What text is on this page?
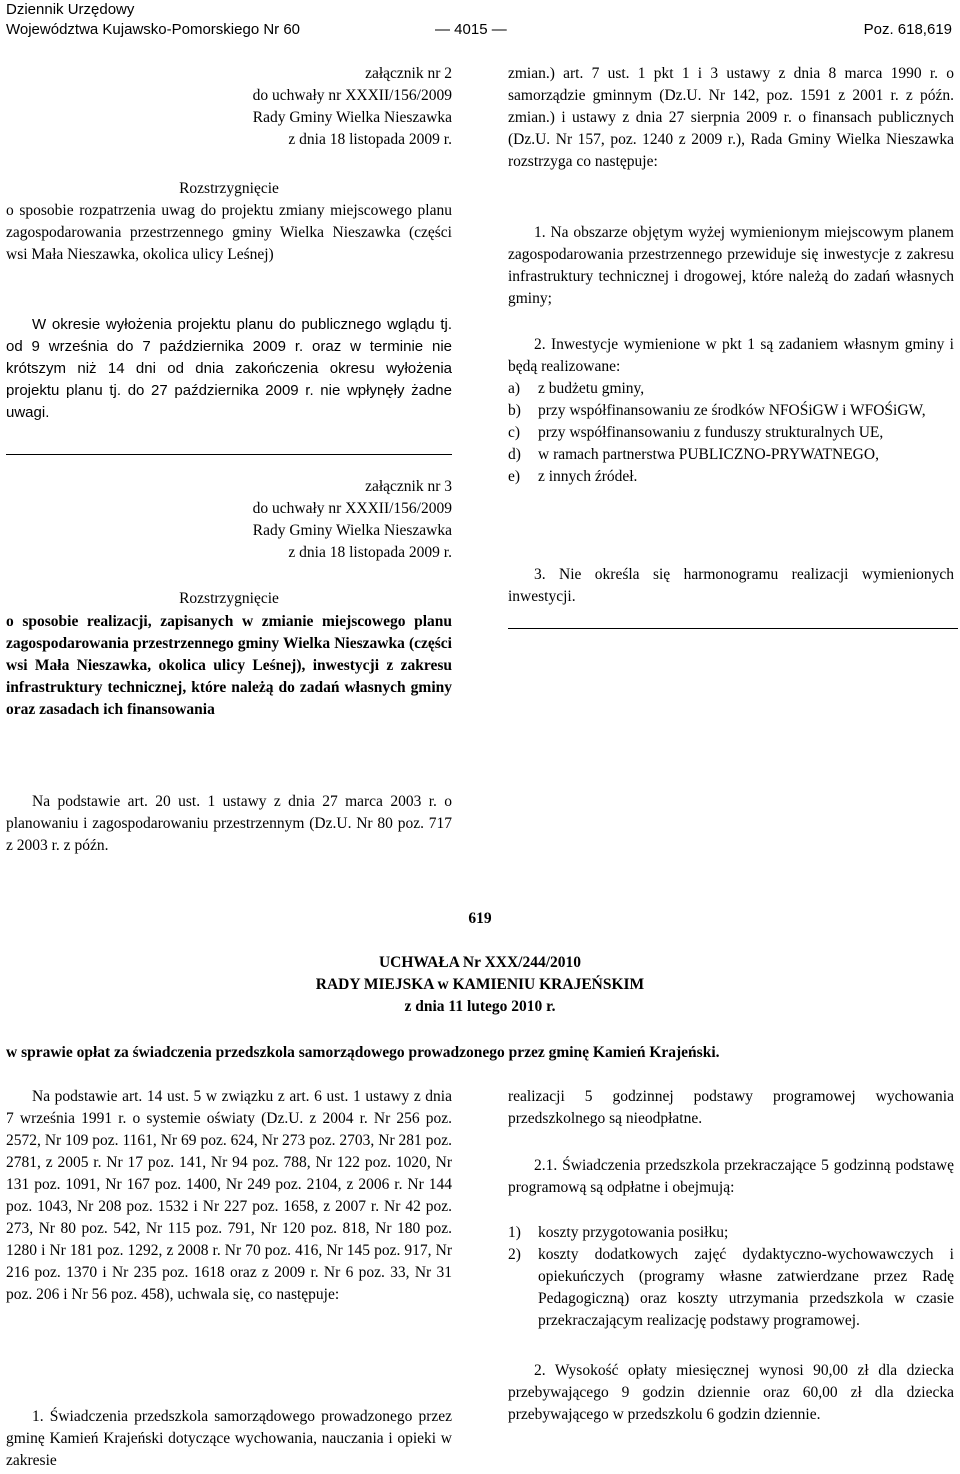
Dziennik Urzędowy
Województwa Kujawsko-Pomorskiego Nr 60	— 4015 —	Poz. 618,619
załącznik nr 2
do uchwały nr XXXII/156/2009
Rady Gminy Wielka Nieszawka
z dnia 18 listopada 2009 r.
Rozstrzygnięcie
o sposobie rozpatrzenia uwag do projektu zmiany miejscowego planu zagospodarowania przestrzennego gminy Wielka Nieszawka (części wsi Mała Nieszawka, okolica ulicy Leśnej)
W okresie wyłożenia projektu planu do publicznego wglądu tj. od 9 września do 7 października 2009 r. oraz w terminie nie krótszym niż 14 dni od dnia zakończenia okresu wyłożenia projektu planu tj. do 27 października 2009 r. nie wpłynęły żadne uwagi.
załącznik nr 3
do uchwały nr XXXII/156/2009
Rady Gminy Wielka Nieszawka
z dnia 18 listopada 2009 r.
Rozstrzygnięcie
o sposobie realizacji, zapisanych w zmianie miejscowego planu zagospodarowania przestrzennego gminy Wielka Nieszawka (części wsi Mała Nieszawka, okolica ulicy Leśnej), inwestycji z zakresu infrastruktury technicznej, które należą do zadań własnych gminy oraz zasadach ich finansowania
Na podstawie art. 20 ust. 1 ustawy z dnia 27 marca 2003 r. o planowaniu i zagospodarowaniu przestrzennym (Dz.U. Nr 80 poz. 717 z 2003 r. z późn.
zmian.) art. 7 ust. 1 pkt 1 i 3 ustawy z dnia 8 marca 1990 r. o samorządzie gminnym (Dz.U. Nr 142, poz. 1591 z 2001 r. z późn. zmian.) i ustawy z dnia 27 sierpnia 2009 r. o finansach publicznych (Dz.U. Nr 157, poz. 1240 z 2009 r.), Rada Gminy Wielka Nieszawka rozstrzyga co następuje:
1. Na obszarze objętym wyżej wymienionym miejscowym planem zagospodarowania przestrzennego przewiduje się inwestycje z zakresu infrastruktury technicznej i drogowej, które należą do zadań własnych gminy;
2. Inwestycje wymienione w pkt 1 są zadaniem własnym gminy i będą realizowane:
a)	z budżetu gminy,
b)	przy współfinansowaniu ze środków NFOŚiGW i WFOŚiGW,
c)	przy współfinansowaniu z funduszy strukturalnych UE,
d)	w ramach partnerstwa PUBLICZNO-PRYWATNEGO,
e)	z innych źródeł.
3. Nie określa się harmonogramu realizacji wymienionych inwestycji.
619
UCHWAŁA Nr XXX/244/2010
RADY MIEJSKA w KAMIENIU KRAJEŃSKIM
z dnia 11 lutego 2010 r.
w sprawie opłat za świadczenia przedszkola samorządowego prowadzonego przez gminę Kamień Krajeński.
Na podstawie art. 14 ust. 5 w związku z art. 6 ust. 1 ustawy z dnia 7 września 1991 r. o systemie oświaty (Dz.U. z 2004 r. Nr 256 poz. 2572, Nr 109 poz. 1161, Nr 69 poz. 624, Nr 273 poz. 2703, Nr 281 poz. 2781, z 2005 r. Nr 17 poz. 141, Nr 94 poz. 788, Nr 122 poz. 1020, Nr 131 poz. 1091, Nr 167 poz. 1400, Nr 249 poz. 2104, z 2006 r. Nr 144 poz. 1043, Nr 208 poz. 1532 i Nr 227 poz. 1658, z 2007 r. Nr 42 poz. 273, Nr 80 poz. 542, Nr 115 poz. 791, Nr 120 poz. 818, Nr 180 poz. 1280 i Nr 181 poz. 1292, z 2008 r. Nr 70 poz. 416, Nr 145 poz. 917, Nr 216 poz. 1370 i Nr 235 poz. 1618 oraz z 2009 r. Nr 6 poz. 33, Nr 31 poz. 206 i Nr 56 poz. 458), uchwala się, co następuje:
1. Świadczenia przedszkola samorządowego prowadzonego przez gminę Kamień Krajeński dotyczące wychowania, nauczania i opieki w zakresie
realizacji 5 godzinnej podstawy programowej wychowania przedszkolnego są nieodpłatne.
2.1. Świadczenia przedszkola przekraczające 5 godzinną podstawę programową są odpłatne i obejmują:
1)	koszty przygotowania posiłku;
2)	koszty dodatkowych zajęć dydaktyczno-wychowawczych i opiekuńczych (programy własne zatwierdzane przez Radę Pedagogiczną) oraz koszty utrzymania przedszkola w czasie przekraczającym realizację podstawy programowej.
2. Wysokość opłaty miesięcznej wynosi 90,00 zł dla dziecka przebywającego 9 godzin dziennie oraz 60,00 zł dla dziecka przebywającego w przedszkolu 6 godzin dziennie.
